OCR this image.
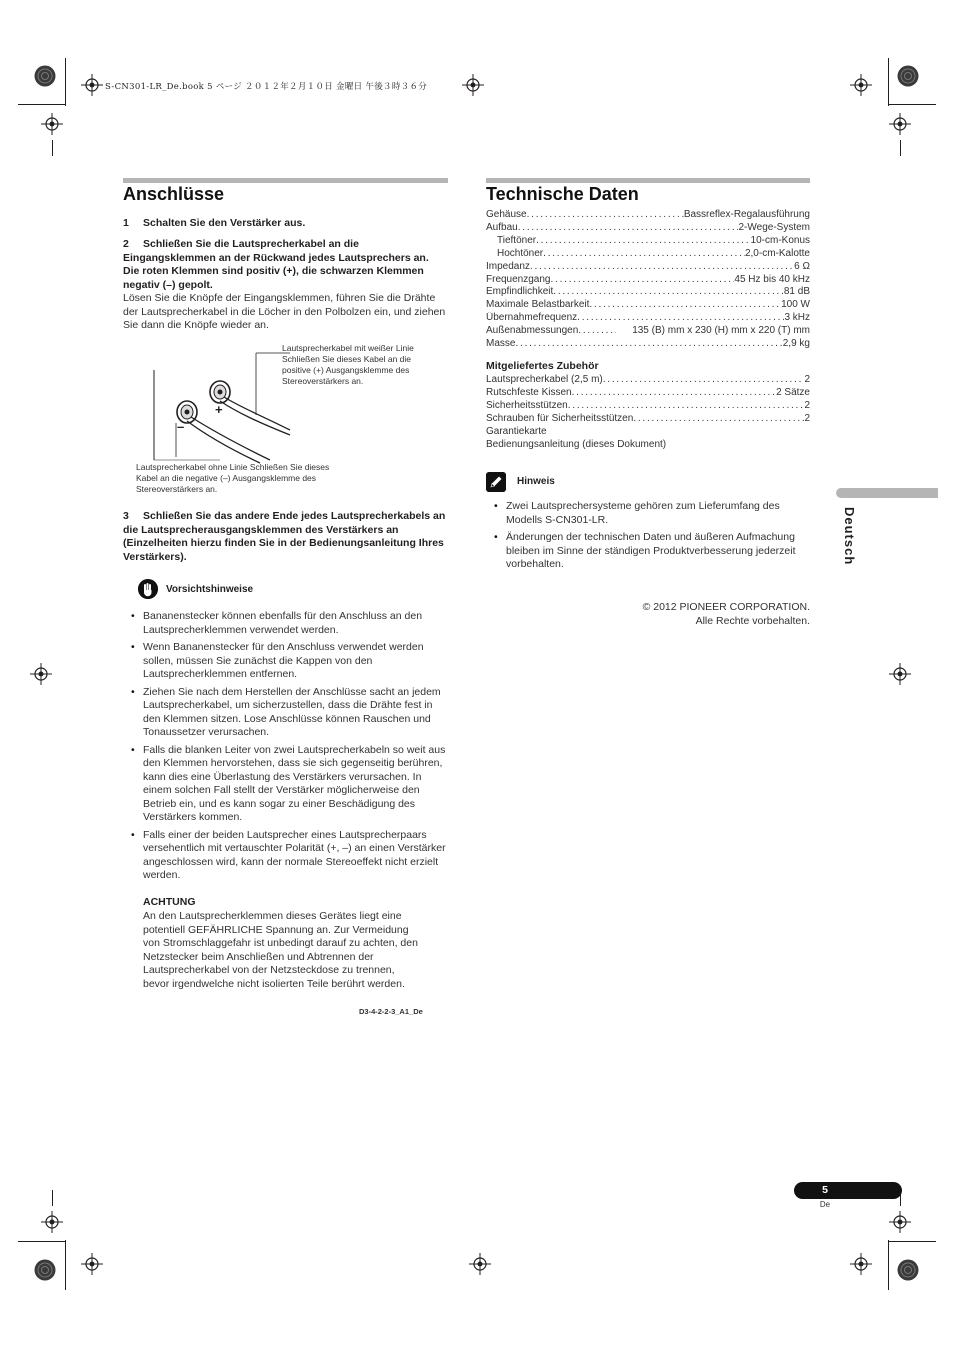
S-CN301-LR_De.book 5 ページ ２０１２年２月１０日 金曜日 午後３時３６分
Anschlüsse
1 Schalten Sie den Verstärker aus.
2 Schließen Sie die Lautsprecherkabel an die Eingangsklemmen an der Rückwand jedes Lautsprechers an. Die roten Klemmen sind positiv (+), die schwarzen Klemmen negativ (–) gepolt.
Lösen Sie die Knöpfe der Eingangsklemmen, führen Sie die Drähte der Lautsprecherkabel in die Löcher in den Polbolzen ein, und ziehen Sie dann die Knöpfe wieder an.
+
–
Lautsprecherkabel mit weißer Linie Schließen Sie dieses Kabel an die positive (+) Ausgangsklemme des Stereoverstärkers an.
Lautsprecherkabel ohne Linie Schließen Sie dieses Kabel an die negative (–) Ausgangsklemme des Stereoverstärkers an.
3 Schließen Sie das andere Ende jedes Lautsprecherkabels an die Lautsprecherausgangsklemmen des Verstärkers an (Einzelheiten hierzu finden Sie in der Bedienungsanleitung Ihres Verstärkers).
Vorsichtshinweise
• Bananenstecker können ebenfalls für den Anschluss an den Lautsprecherklemmen verwendet werden.
• Wenn Bananenstecker für den Anschluss verwendet werden sollen, müssen Sie zunächst die Kappen von den Lautsprecherklemmen entfernen.
• Ziehen Sie nach dem Herstellen der Anschlüsse sacht an jedem Lautsprecherkabel, um sicherzustellen, dass die Drähte fest in den Klemmen sitzen. Lose Anschlüsse können Rauschen und Tonaussetzer verursachen.
• Falls die blanken Leiter von zwei Lautsprecherkabeln so weit aus den Klemmen hervorstehen, dass sie sich gegenseitig berühren, kann dies eine Überlastung des Verstärkers verursachen. In einem solchen Fall stellt der Verstärker möglicherweise den Betrieb ein, und es kann sogar zu einer Beschädigung des Verstärkers kommen.
• Falls einer der beiden Lautsprecher eines Lautsprecherpaars versehentlich mit vertauschter Polarität (+, –) an einen Verstärker angeschlossen wird, kann der normale Stereoeffekt nicht erzielt werden.
ACHTUNG
An den Lautsprecherklemmen dieses Gerätes liegt eine potentiell GEFÄHRLICHE Spannung an. Zur Vermeidung von Stromschlaggefahr ist unbedingt darauf zu achten, den Netzstecker beim Anschließen und Abtrennen der Lautsprecherkabel von der Netzsteckdose zu trennen, bevor irgendwelche nicht isolierten Teile berührt werden.
D3-4-2-2-3_A1_De
Technische Daten
Gehäuse . . .	Bassreflex-Regalausführung
Aufbau . . .	2-Wege-System
Tieftöner . . .	10-cm-Konus
Hochtöner . . .	2,0-cm-Kalotte
Impedanz . . .	6 Ω
Frequenzgang . . .	45 Hz bis 40 kHz
Empfindlichkeit . . .	81 dB
Maximale Belastbarkeit . . .	100 W
Übernahmefrequenz . . .	3 kHz
Außenabmessungen . . .	135 (B) mm x 230 (H) mm x 220 (T) mm
Masse . . .	2,9 kg
Mitgeliefertes Zubehör
Lautsprecherkabel (2,5 m) . . .	2
Rutschfeste Kissen . . .	2 Sätze
Sicherheitsstützen . . .	2
Schrauben für Sicherheitsstützen . . .	2
Garantiekarte
Bedienungsanleitung (dieses Dokument)
Hinweis
• Zwei Lautsprechersysteme gehören zum Lieferumfang des Modells S-CN301-LR.
• Änderungen der technischen Daten und äußeren Aufmachung bleiben im Sinne der ständigen Produktverbesserung jederzeit vorbehalten.
© 2012 PIONEER CORPORATION.
Alle Rechte vorbehalten.
Deutsch
5
De
